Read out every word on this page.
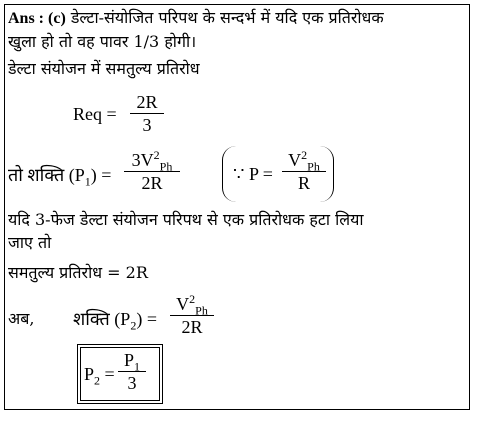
Ans : (c) डेल्टा-संयोजित परिपथ के सन्दर्भ में यदि एक प्रतिरोधक
खुला हो तो वह पावर 1/3 होगी।
डेल्टा संयोजन में समतुल्य प्रतिरोध
Req = $\frac{2R}{3}$
तो शक्ति $(P_1) = \frac{3V^2_{Ph}}{2R}$	∵ $P = \frac{V^2_{Ph}}{R}$
यदि 3-फेज डेल्टा संयोजन परिपथ से एक प्रतिरोधक हटा लिया
जाए तो
समतुल्य प्रतिरोध = 2R
अब, शक्ति $(P_2) = \frac{V^2_{Ph}}{2R}$
$P_2 = \frac{P_1}{3}$
